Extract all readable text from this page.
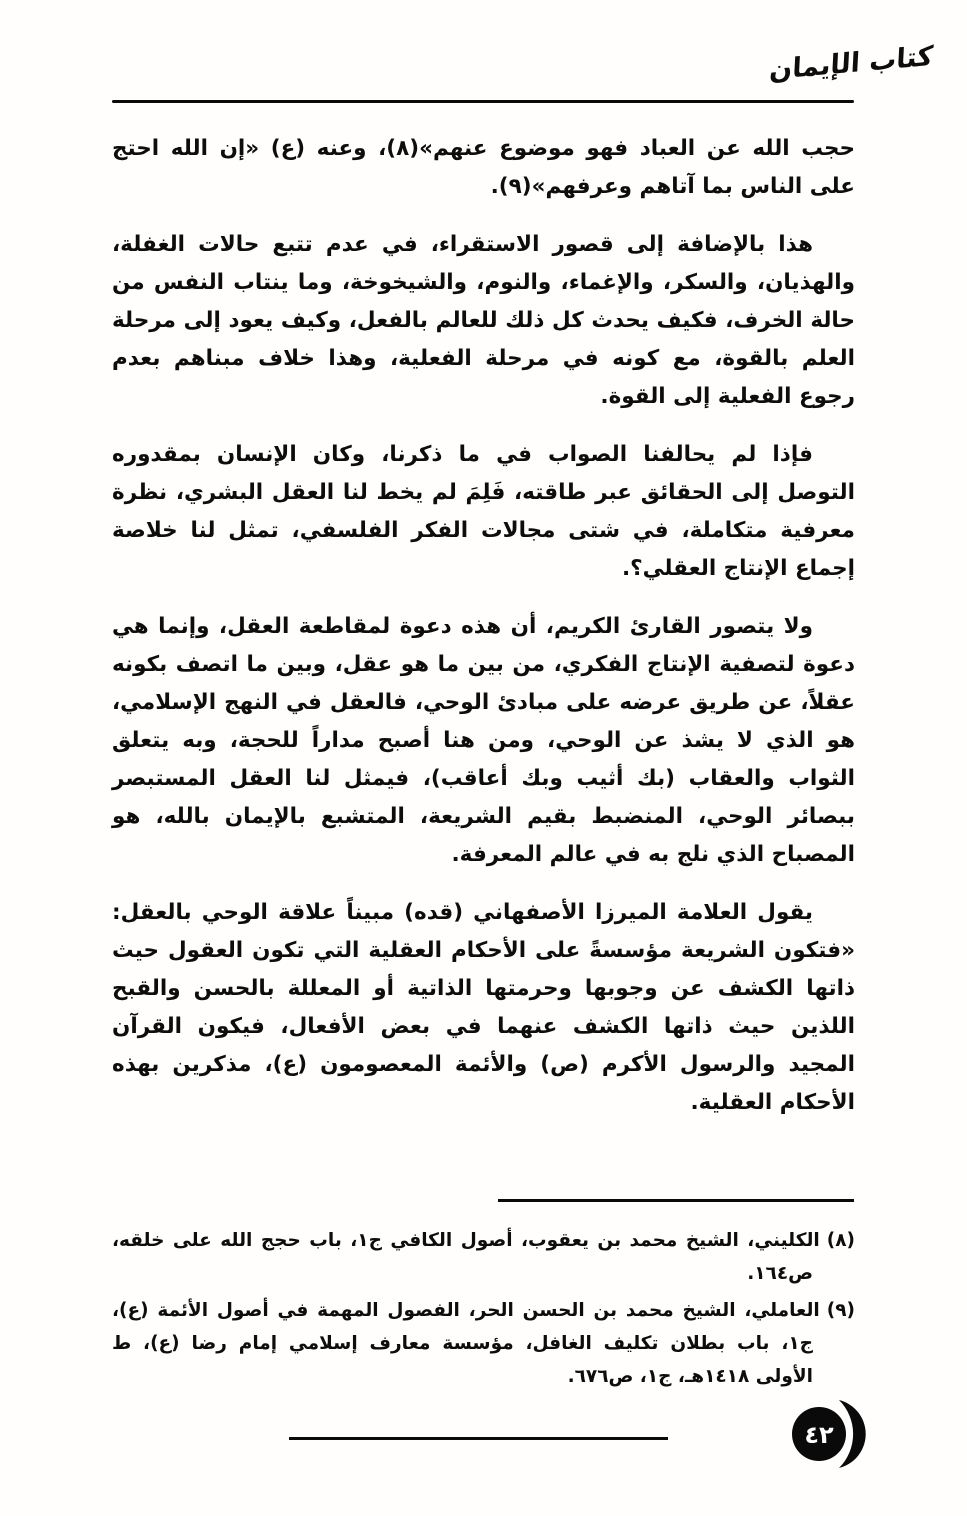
كتاب الإيمان

حجب الله عن العباد فهو موضوع عنهم»(٨)، وعنه (ع) «إن الله احتج على الناس بما آتاهم وعرفهم»(٩).

هذا بالإضافة إلى قصور الاستقراء، في عدم تتبع حالات الغفلة، والهذيان، والسكر، والإغماء، والنوم، والشيخوخة، وما ينتاب النفس من حالة الخرف، فكيف يحدث كل ذلك للعالم بالفعل، وكيف يعود إلى مرحلة العلم بالقوة، مع كونه في مرحلة الفعلية، وهذا خلاف مبناهم بعدم رجوع الفعلية إلى القوة.

فإذا لم يحالفنا الصواب في ما ذكرنا، وكان الإنسان بمقدوره التوصل إلى الحقائق عبر طاقته، فَلِمَ لم يخط لنا العقل البشري، نظرة معرفية متكاملة، في شتى مجالات الفكر الفلسفي، تمثل لنا خلاصة إجماع الإنتاج العقلي؟.

ولا يتصور القارئ الكريم، أن هذه دعوة لمقاطعة العقل، وإنما هي دعوة لتصفية الإنتاج الفكري، من بين ما هو عقل، وبين ما اتصف بكونه عقلاً، عن طريق عرضه على مبادئ الوحي، فالعقل في النهج الإسلامي، هو الذي لا يشذ عن الوحي، ومن هنا أصبح مداراً للحجة، وبه يتعلق الثواب والعقاب (بك أثيب وبك أعاقب)، فيمثل لنا العقل المستبصر ببصائر الوحي، المنضبط بقيم الشريعة، المتشبع بالإيمان بالله، هو المصباح الذي نلج به في عالم المعرفة.

يقول العلامة الميرزا الأصفهاني (قده) مبيناً علاقة الوحي بالعقل: «فتكون الشريعة مؤسسةً على الأحكام العقلية التي تكون العقول حيث ذاتها الكشف عن وجوبها وحرمتها الذاتية أو المعللة بالحسن والقبح اللذين حيث ذاتها الكشف عنهما في بعض الأفعال، فيكون القرآن المجيد والرسول الأكرم (ص) والأئمة المعصومون (ع)، مذكرين بهذه الأحكام العقلية.

(٨)الكليني، الشيخ محمد بن يعقوب، أصول الكافي ج١، باب حجج الله على خلقه، ص١٦٤.

(٩)العاملي، الشيخ محمد بن الحسن الحر، الفصول المهمة في أصول الأئمة (ع)، ج١، باب بطلان تكليف الغافل، مؤسسة معارف إسلامي إمام رضا (ع)، ط الأولى ١٤١٨هـ، ج١، ص٦٧٦.

٤٢
